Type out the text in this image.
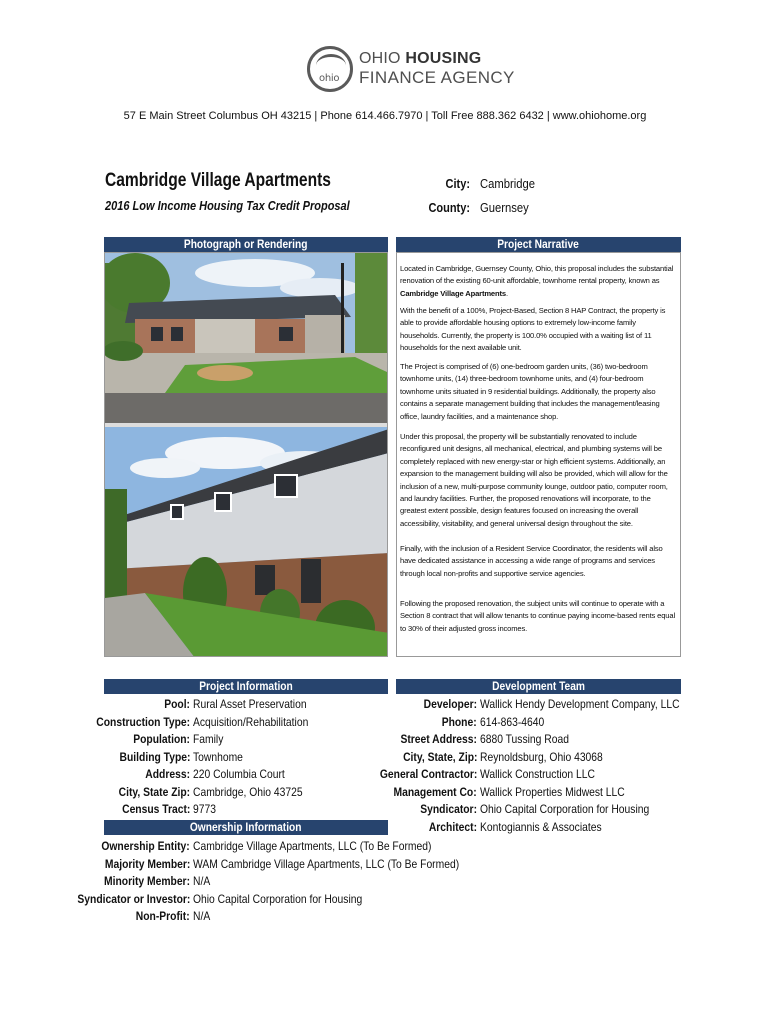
ohio
OHIO HOUSING
FINANCE AGENCY
57 E Main Street Columbus OH 43215 | Phone 614.466.7970 | Toll Free 888.362 6432 | www.ohiohome.org
Cambridge Village Apartments
2016 Low Income Housing Tax Credit Proposal
City: Cambridge
County: Guernsey
Photograph or Rendering	Project Narrative
Located in Cambridge, Guernsey County, Ohio, this proposal includes the substantial renovation of the existing 60-unit affordable, townhome rental property, known as Cambridge Village Apartments.
With the benefit of a 100%, Project-Based, Section 8 HAP Contract, the property is able to provide affordable housing options to extremely low-income family households. Currently, the property is 100.0% occupied with a waiting list of 11 households for the next available unit.
The Project is comprised of (6) one-bedroom garden units, (36) two-bedroom townhome units, (14) three-bedroom townhome units, and (4) four-bedroom townhome units situated in 9 residential buildings. Additionally, the property also contains a separate management building that includes the management/leasing office, laundry facilities, and a maintenance shop.
Under this proposal, the property will be substantially renovated to include reconfigured unit designs, all mechanical, electrical, and plumbing systems will be completely replaced with new energy-star or high efficient systems. Additionally, an expansion to the management building will also be provided, which will allow for the inclusion of a new, multi-purpose community lounge, outdoor patio, computer room, and laundry facilities. Further, the proposed renovations will incorporate, to the greatest extent possible, design features focused on increasing the overall accessibility, visitability, and general universal design throughout the site.
Finally, with the inclusion of a Resident Service Coordinator, the residents will also have dedicated assistance in accessing a wide range of programs and services through local non-profits and supportive service agencies.
Following the proposed renovation, the subject units will continue to operate with a Section 8 contract that will allow tenants to continue paying income-based rents equal to 30% of their adjusted gross incomes.
Project Information
Pool: Rural Asset Preservation
Construction Type: Acquisition/Rehabilitation
Population: Family
Building Type: Townhome
Address: 220 Columbia Court
City, State Zip: Cambridge, Ohio 43725
Census Tract: 9773
Ownership Information
Ownership Entity: Cambridge Village Apartments, LLC (To Be Formed)
Majority Member: WAM Cambridge Village Apartments, LLC (To Be Formed)
Minority Member: N/A
Syndicator or Investor: Ohio Capital Corporation for Housing
Non-Profit: N/A
Development Team
Developer: Wallick Hendy Development Company, LLC
Phone: 614-863-4640
Street Address: 6880 Tussing Road
City, State, Zip: Reynoldsburg, Ohio 43068
General Contractor: Wallick Construction LLC
Management Co: Wallick Properties Midwest LLC
Syndicator: Ohio Capital Corporation for Housing
Architect: Kontogiannis & Associates
